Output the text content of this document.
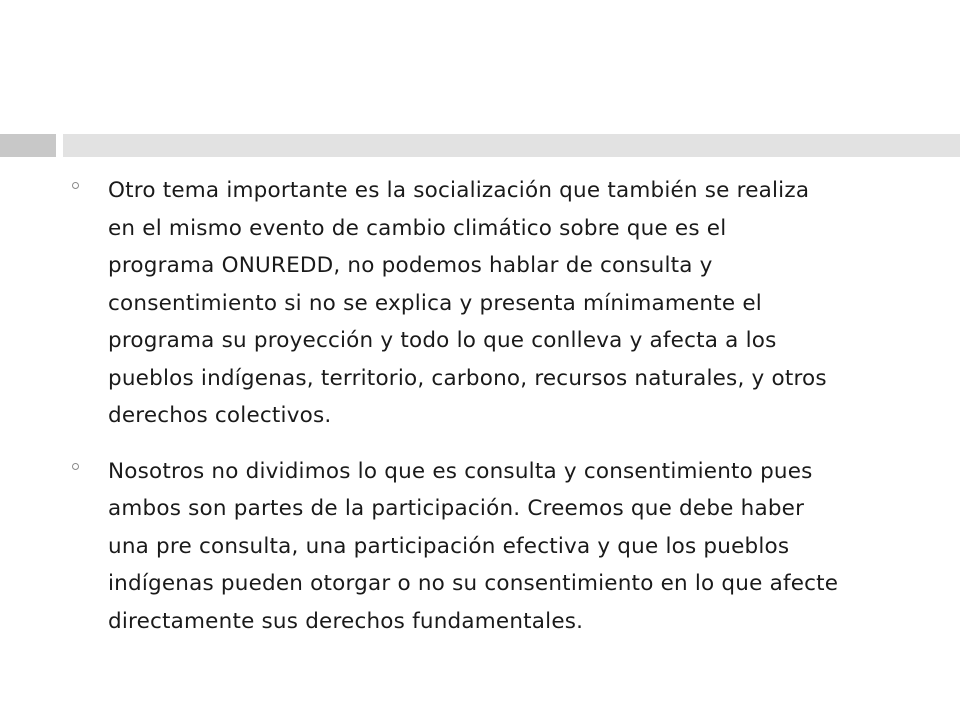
Otro tema importante es la socialización que también se realiza
en el mismo evento de cambio climático sobre que es el
programa ONUREDD, no podemos hablar de consulta y
consentimiento si no se explica y presenta mínimamente el
programa su proyección y todo lo que conlleva y afecta a los
pueblos indígenas, territorio, carbono, recursos naturales, y otros
derechos colectivos.
Nosotros no dividimos lo que es consulta y consentimiento pues
ambos son partes de la participación. Creemos que debe haber
una pre consulta, una participación efectiva y que los pueblos
indígenas pueden otorgar o no su consentimiento en lo que afecte
directamente sus derechos fundamentales.
